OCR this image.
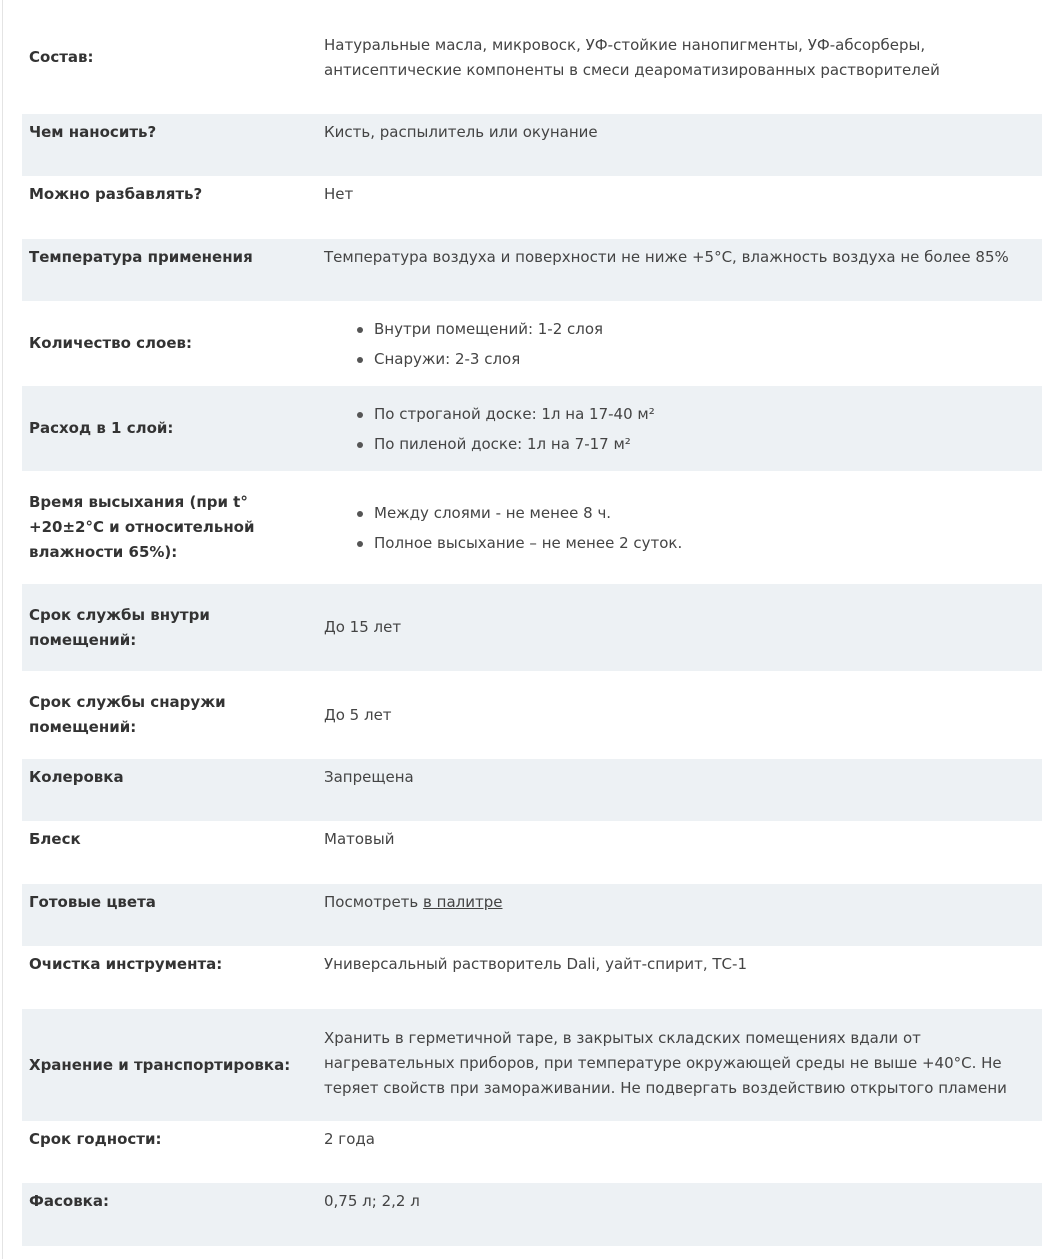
Состав:
Натуральные масла, микровоск, УФ-стойкие нанопигменты, УФ-абсорберы, антисептические компоненты в смеси деароматизированных растворителей
Чем наносить?	Кисть, распылитель или окунание
Можно разбавлять?	Нет
Температура применения	Температура воздуха и поверхности не ниже +5°С, влажность воздуха не более 85%
Количество слоев:
Внутри помещений: 1-2 слоя
Снаружи: 2-3 слоя
Расход в 1 слой:
По строганой доске: 1л на 17-40 м²
По пиленой доске: 1л на 7-17 м²
Время высыхания (при t° +20±2°С и относительной влажности 65%):
Между слоями - не менее 8 ч.
Полное высыхание – не менее 2 суток.
Срок службы внутри помещений:
До 15 лет
Срок службы снаружи помещений:
До 5 лет
Колеровка	Запрещена
Блеск	Матовый
Готовые цвета	Посмотреть в палитре
Очистка инструмента:	Универсальный растворитель Dali, уайт-спирит, ТС-1
Хранение и транспортировка:
Хранить в герметичной таре, в закрытых складских помещениях вдали от нагревательных приборов, при температуре окружающей среды не выше +40°С. Не теряет свойств при замораживании. Не подвергать воздействию открытого пламени
Срок годности:	2 года
Фасовка:	0,75 л; 2,2 л
